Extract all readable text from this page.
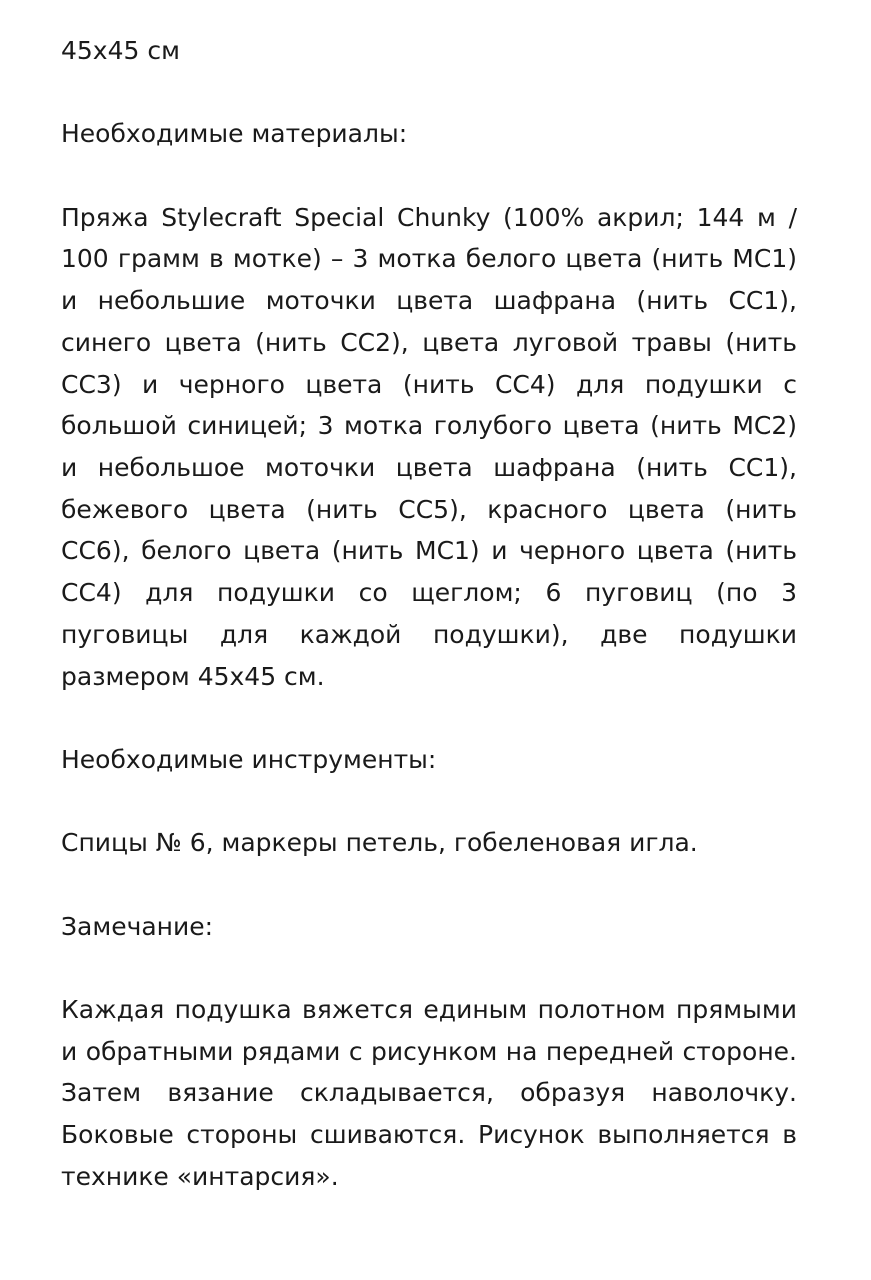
45x45 см

Необходимые материалы:

Пряжа Stylecraft Special Chunky (100% акрил; 144 м / 100 грамм в мотке) – 3 мотка белого цвета (нить MC1) и небольшие моточки цвета шафрана (нить CC1), синего цвета (нить CC2), цвета луговой травы (нить CC3) и черного цвета (нить CC4) для подушки с большой синицей; 3 мотка голубого цвета (нить MC2) и небольшое моточки цвета шафрана (нить CC1), бежевого цвета (нить CC5), красного цвета (нить CC6), белого цвета (нить MC1) и черного цвета (нить CC4) для подушки со щеглом; 6 пуговиц (по 3 пуговицы для каждой подушки), две подушки размером 45x45 см.

Необходимые инструменты:

Спицы № 6, маркеры петель, гобеленовая игла.

Замечание:

Каждая подушка вяжется единым полотном прямыми и обратными рядами с рисунком на передней стороне. Затем вязание складывается, образуя наволочку. Боковые стороны сшиваются. Рисунок выполняется в технике «интарсия».
